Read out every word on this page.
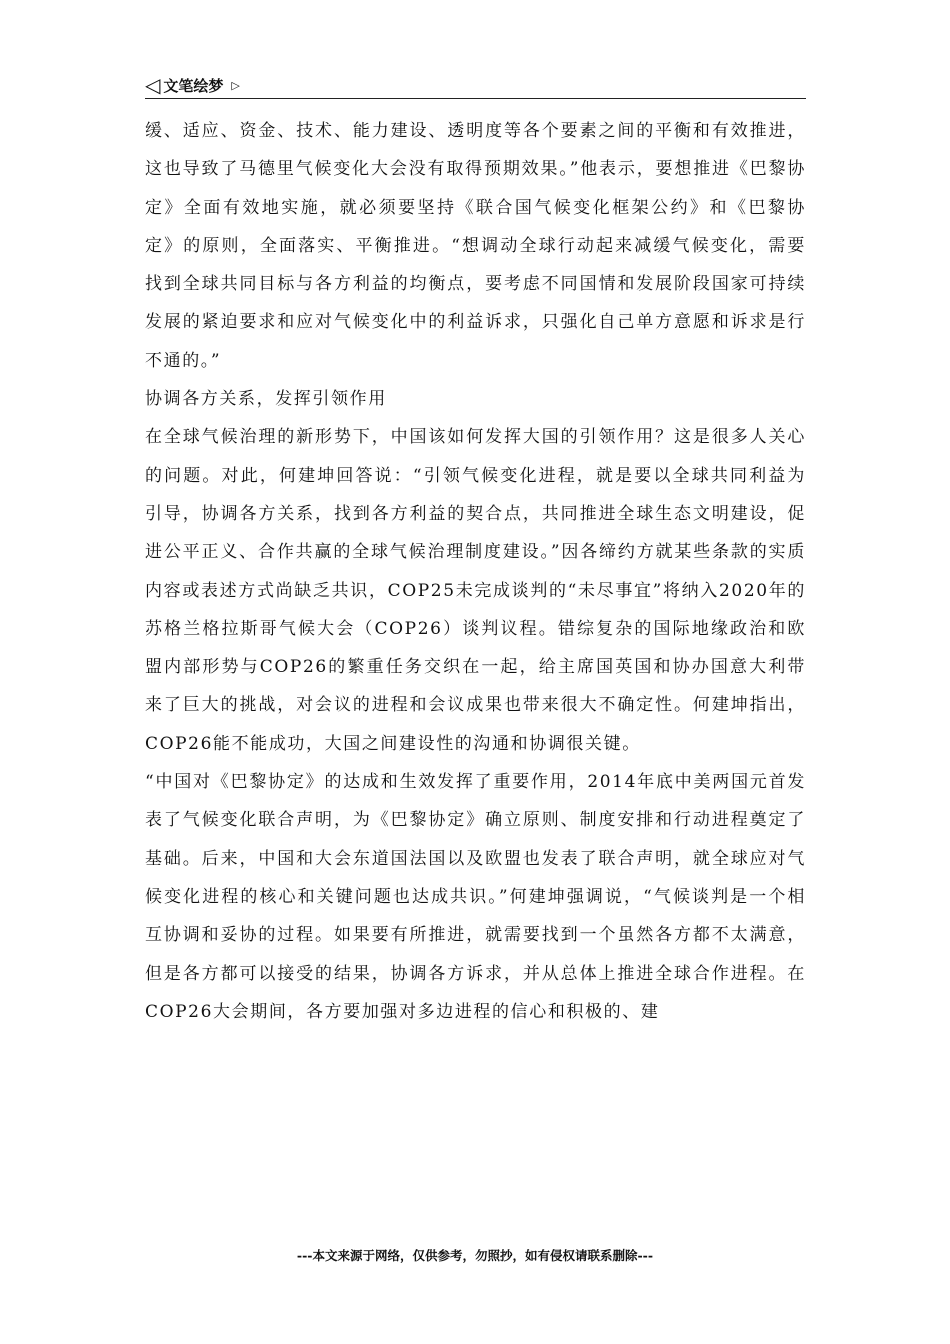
◁ 文笔绘梦 ▷

缓、适应、资金、技术、能力建设、透明度等各个要素之间的平衡和有效推进，这也导致了马德里气候变化大会没有取得预期效果。”他表示，要想推进《巴黎协定》全面有效地实施，就必须要坚持《联合国气候变化框架公约》和《巴黎协定》的原则，全面落实、平衡推进。“想调动全球行动起来减缓气候变化，需要找到全球共同目标与各方利益的均衡点，要考虑不同国情和发展阶段国家可持续发展的紧迫要求和应对气候变化中的利益诉求，只强化自己单方意愿和诉求是行不通的。”

协调各方关系，发挥引领作用

在全球气候治理的新形势下，中国该如何发挥大国的引领作用？这是很多人关心的问题。对此，何建坤回答说：“引领气候变化进程，就是要以全球共同利益为引导，协调各方关系，找到各方利益的契合点，共同推进全球生态文明建设，促进公平正义、合作共赢的全球气候治理制度建设。”因各缔约方就某些条款的实质内容或表述方式尚缺乏共识，COP25未完成谈判的“未尽事宜”将纳入2020年的苏格兰格拉斯哥气候大会（COP26）谈判议程。错综复杂的国际地缘政治和欧盟内部形势与COP26的繁重任务交织在一起，给主席国英国和协办国意大利带来了巨大的挑战，对会议的进程和会议成果也带来很大不确定性。何建坤指出，COP26能不能成功，大国之间建设性的沟通和协调很关键。

“中国对《巴黎协定》的达成和生效发挥了重要作用，2014年底中美两国元首发表了气候变化联合声明，为《巴黎协定》确立原则、制度安排和行动进程奠定了基础。后来，中国和大会东道国法国以及欧盟也发表了联合声明，就全球应对气候变化进程的核心和关键问题也达成共识。”何建坤强调说，“气候谈判是一个相互协调和妥协的过程。如果要有所推进，就需要找到一个虽然各方都不太满意，但是各方都可以接受的结果，协调各方诉求，并从总体上推进全球合作进程。在COP26大会期间，各方要加强对多边进程的信心和积极的、建

---本文来源于网络，仅供参考，勿照抄，如有侵权请联系删除---
